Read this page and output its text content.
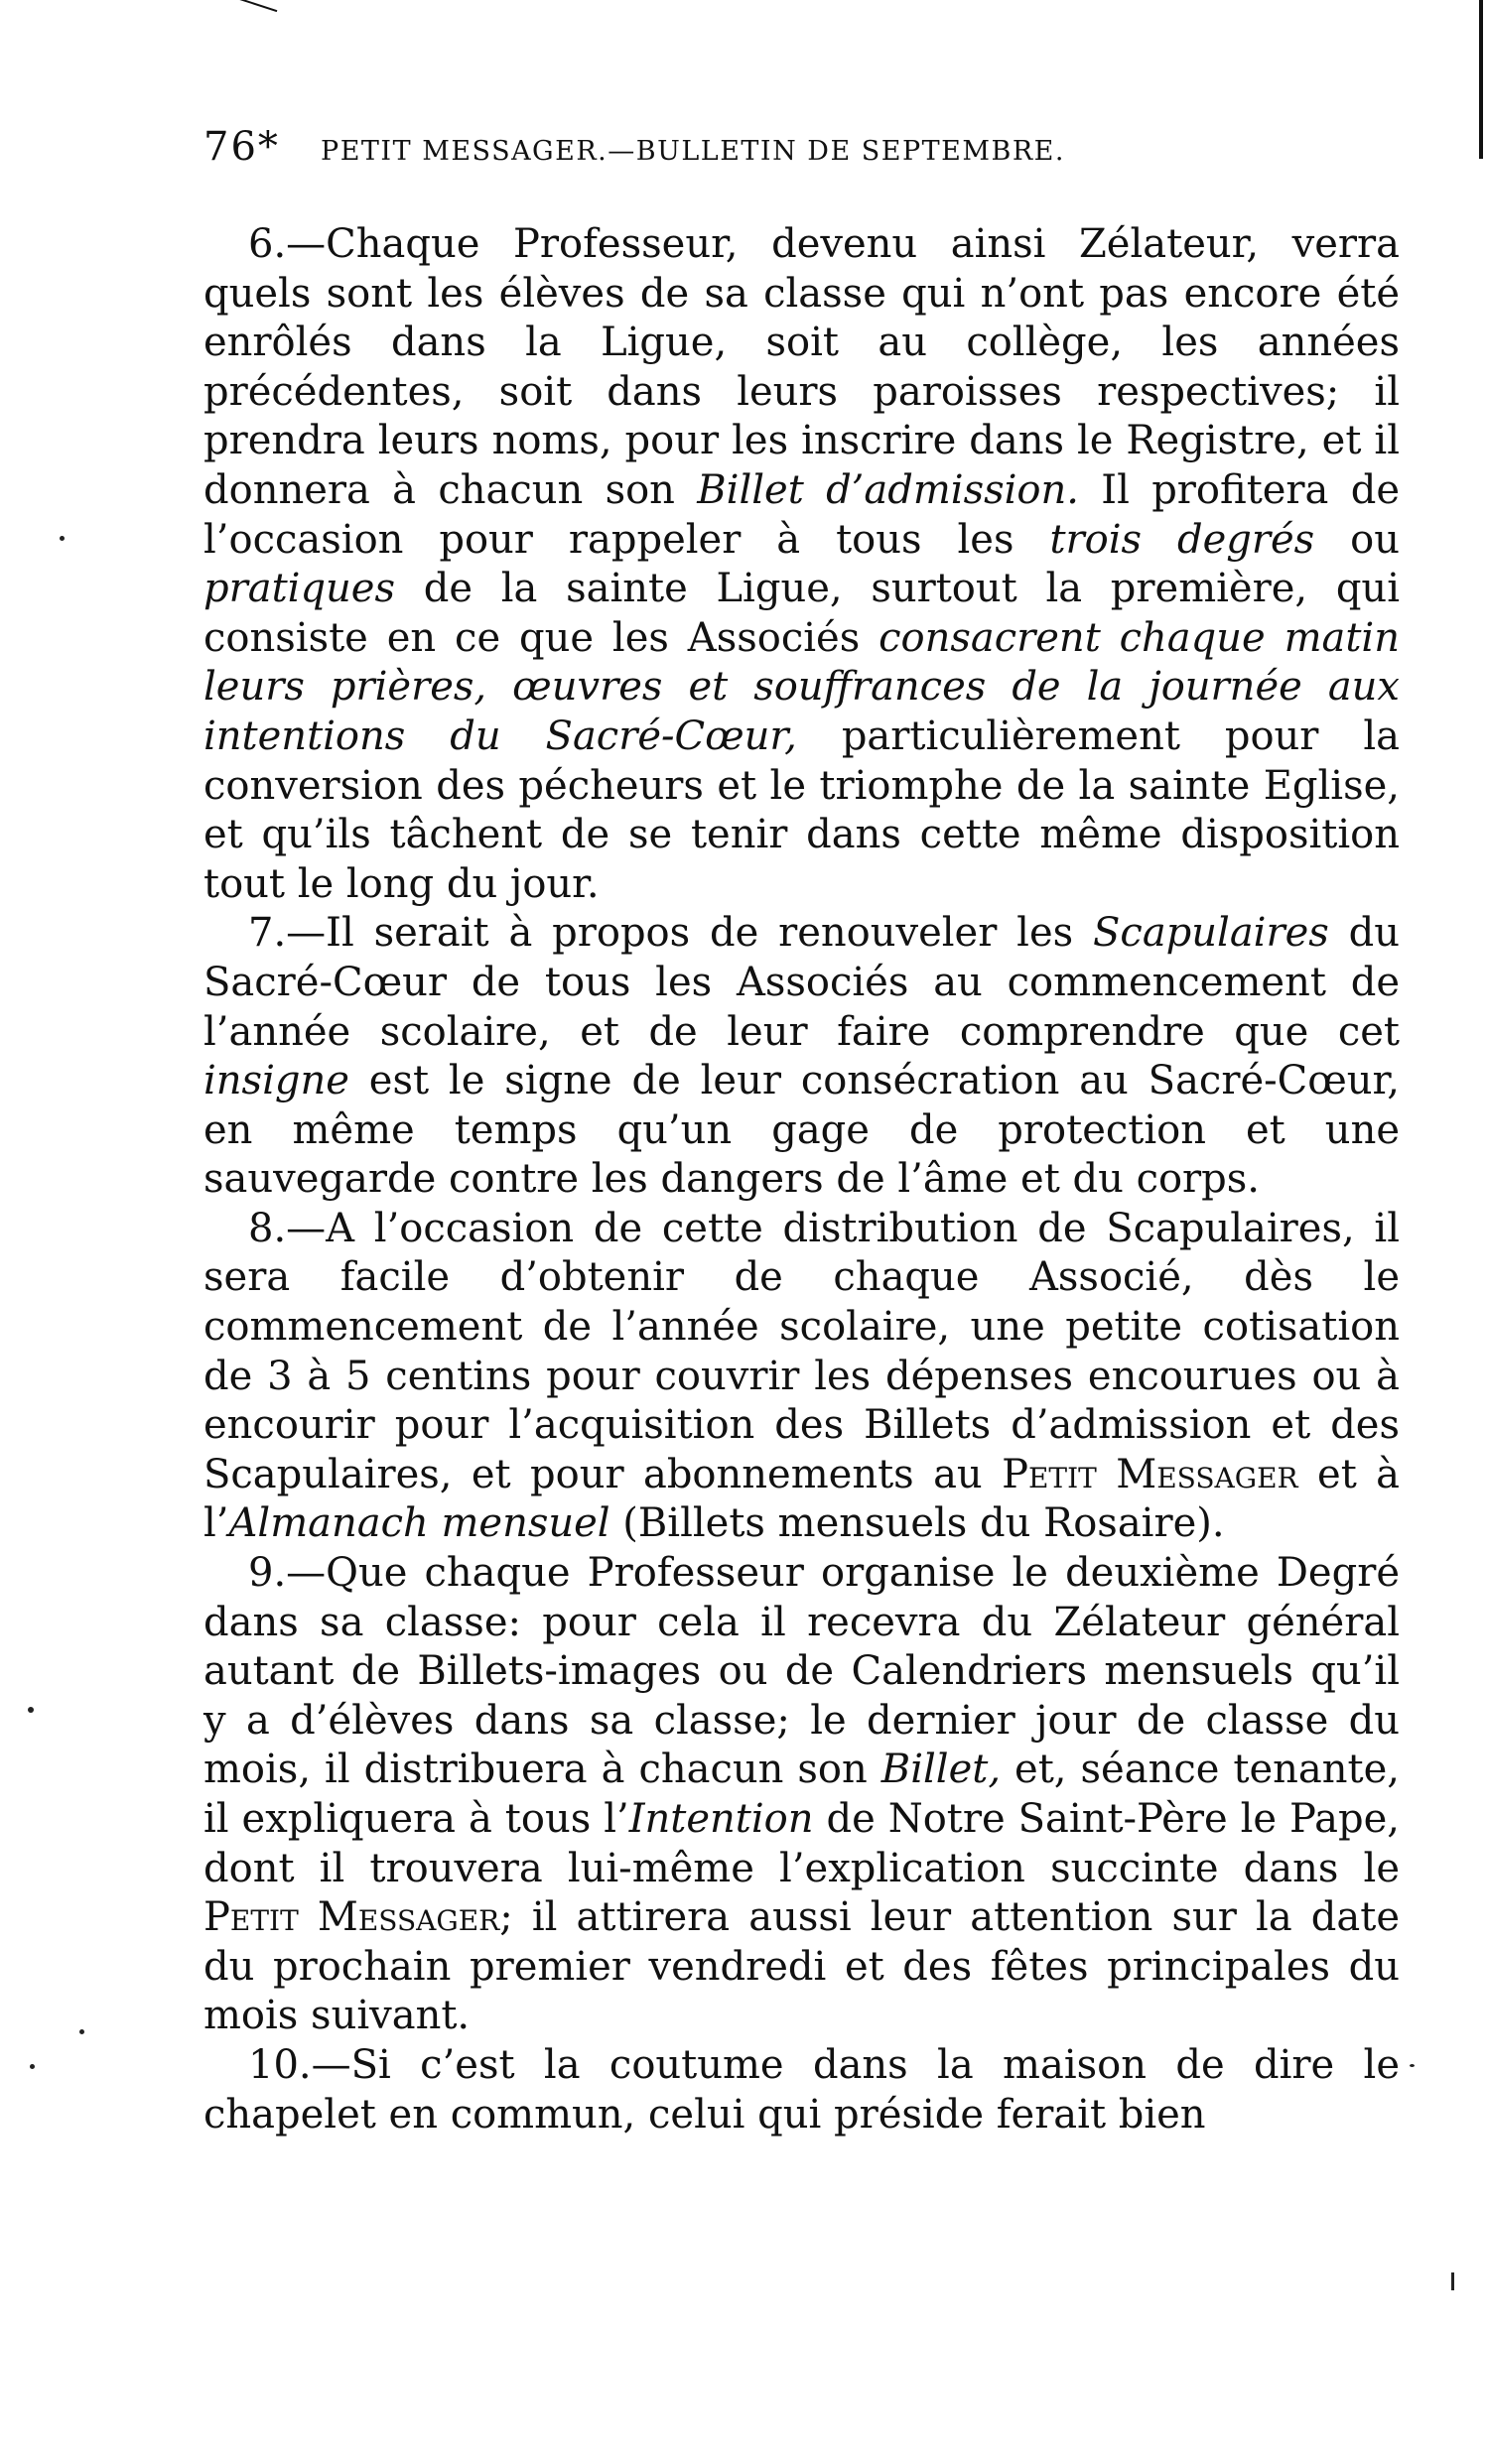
76* PETIT MESSAGER.—BULLETIN DE SEPTEMBRE.

6.—Chaque Professeur, devenu ainsi Zélateur, verra quels sont les élèves de sa classe qui n’ont pas encore été enrôlés dans la Ligue, soit au collège, les années précédentes, soit dans leurs paroisses respectives; il prendra leurs noms, pour les inscrire dans le Registre, et il donnera à chacun son Billet d’admission. Il profitera de l’occasion pour rappeler à tous les trois degrés ou pratiques de la sainte Ligue, surtout la première, qui consiste en ce que les Associés consacrent chaque matin leurs prières, œuvres et souffrances de la journée aux intentions du Sacré-Cœur, particulièrement pour la conversion des pécheurs et le triomphe de la sainte Eglise, et qu’ils tâchent de se tenir dans cette même disposition tout le long du jour.

7.—Il serait à propos de renouveler les Scapulaires du Sacré-Cœur de tous les Associés au commencement de l’année scolaire, et de leur faire comprendre que cet insigne est le signe de leur consécration au Sacré-Cœur, en même temps qu’un gage de protection et une sauvegarde contre les dangers de l’âme et du corps.

8.—A l’occasion de cette distribution de Scapulaires, il sera facile d’obtenir de chaque Associé, dès le commencement de l’année scolaire, une petite cotisation de 3 à 5 centins pour couvrir les dépenses encourues ou à encourir pour l’acquisition des Billets d’admission et des Scapulaires, et pour abonnements au Petit Messager et à l’Almanach mensuel (Billets mensuels du Rosaire).

9.—Que chaque Professeur organise le deuxième Degré dans sa classe: pour cela il recevra du Zélateur général autant de Billets-images ou de Calendriers mensuels qu’il y a d’élèves dans sa classe; le dernier jour de classe du mois, il distribuera à chacun son Billet, et, séance tenante, il expliquera à tous l’Intention de Notre Saint-Père le Pape, dont il trouvera lui-même l’explication succinte dans le Petit Messager; il attirera aussi leur attention sur la date du prochain premier vendredi et des fêtes principales du mois suivant.

10.—Si c’est la coutume dans la maison de dire le chapelet en commun, celui qui préside ferait bien
